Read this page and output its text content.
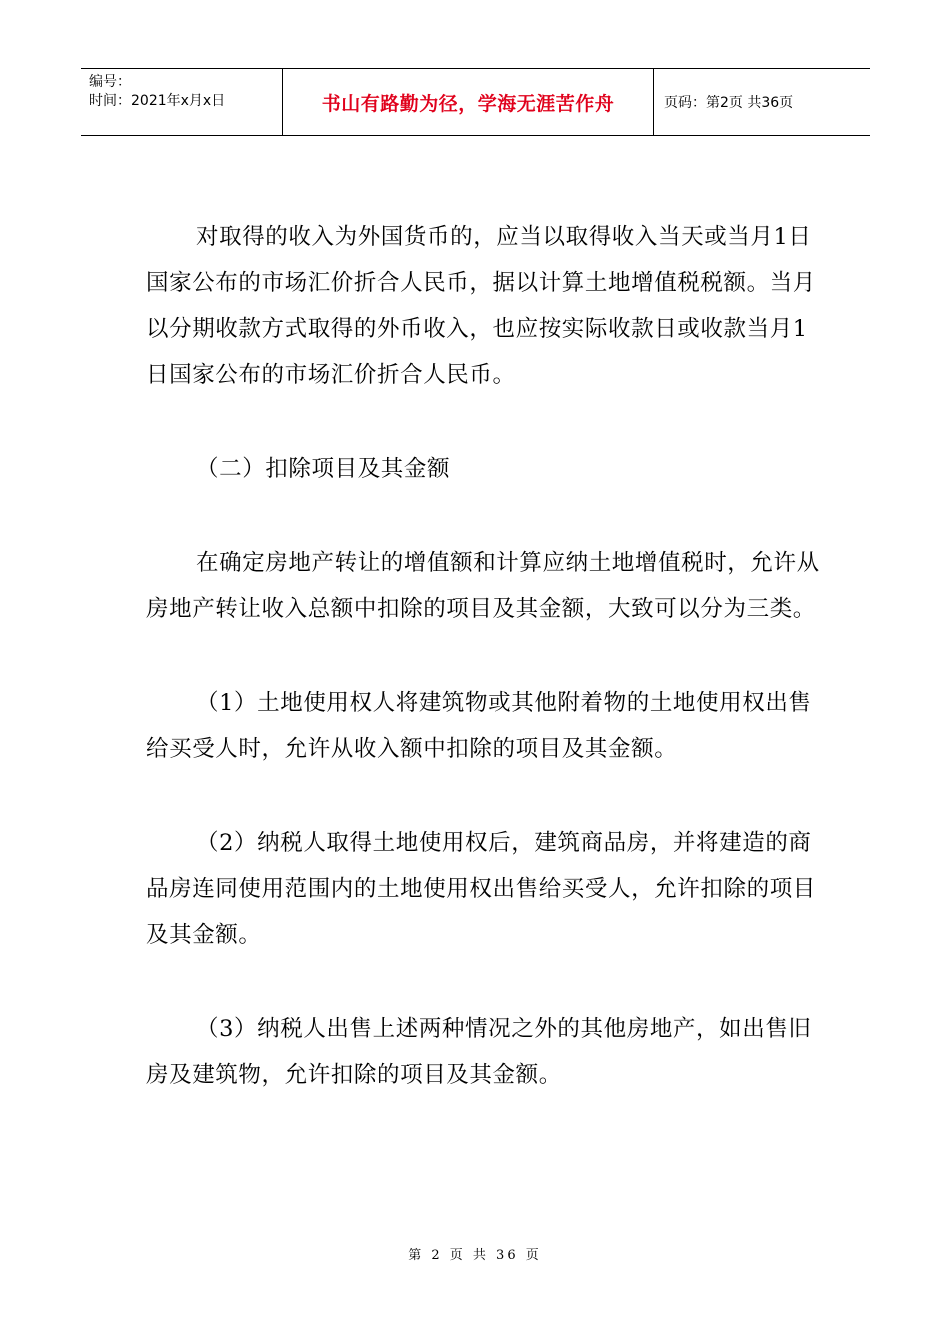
编号：
时间：2021年x月x日	书山有路勤为径，学海无涯苦作舟	页码：第2页 共36页

对取得的收入为外国货币的，应当以取得收入当天或当月1日国家公布的市场汇价折合人民币，据以计算土地增值税税额。当月以分期收款方式取得的外币收入，也应按实际收款日或收款当月1日国家公布的市场汇价折合人民币。

（二）扣除项目及其金额

在确定房地产转让的增值额和计算应纳土地增值税时，允许从房地产转让收入总额中扣除的项目及其金额，大致可以分为三类。

（1）土地使用权人将建筑物或其他附着物的土地使用权出售给买受人时，允许从收入额中扣除的项目及其金额。

（2）纳税人取得土地使用权后，建筑商品房，并将建造的商品房连同使用范围内的土地使用权出售给买受人，允许扣除的项目及其金额。

（3）纳税人出售上述两种情况之外的其他房地产，如出售旧房及建筑物，允许扣除的项目及其金额。

第 2 页 共 36 页
